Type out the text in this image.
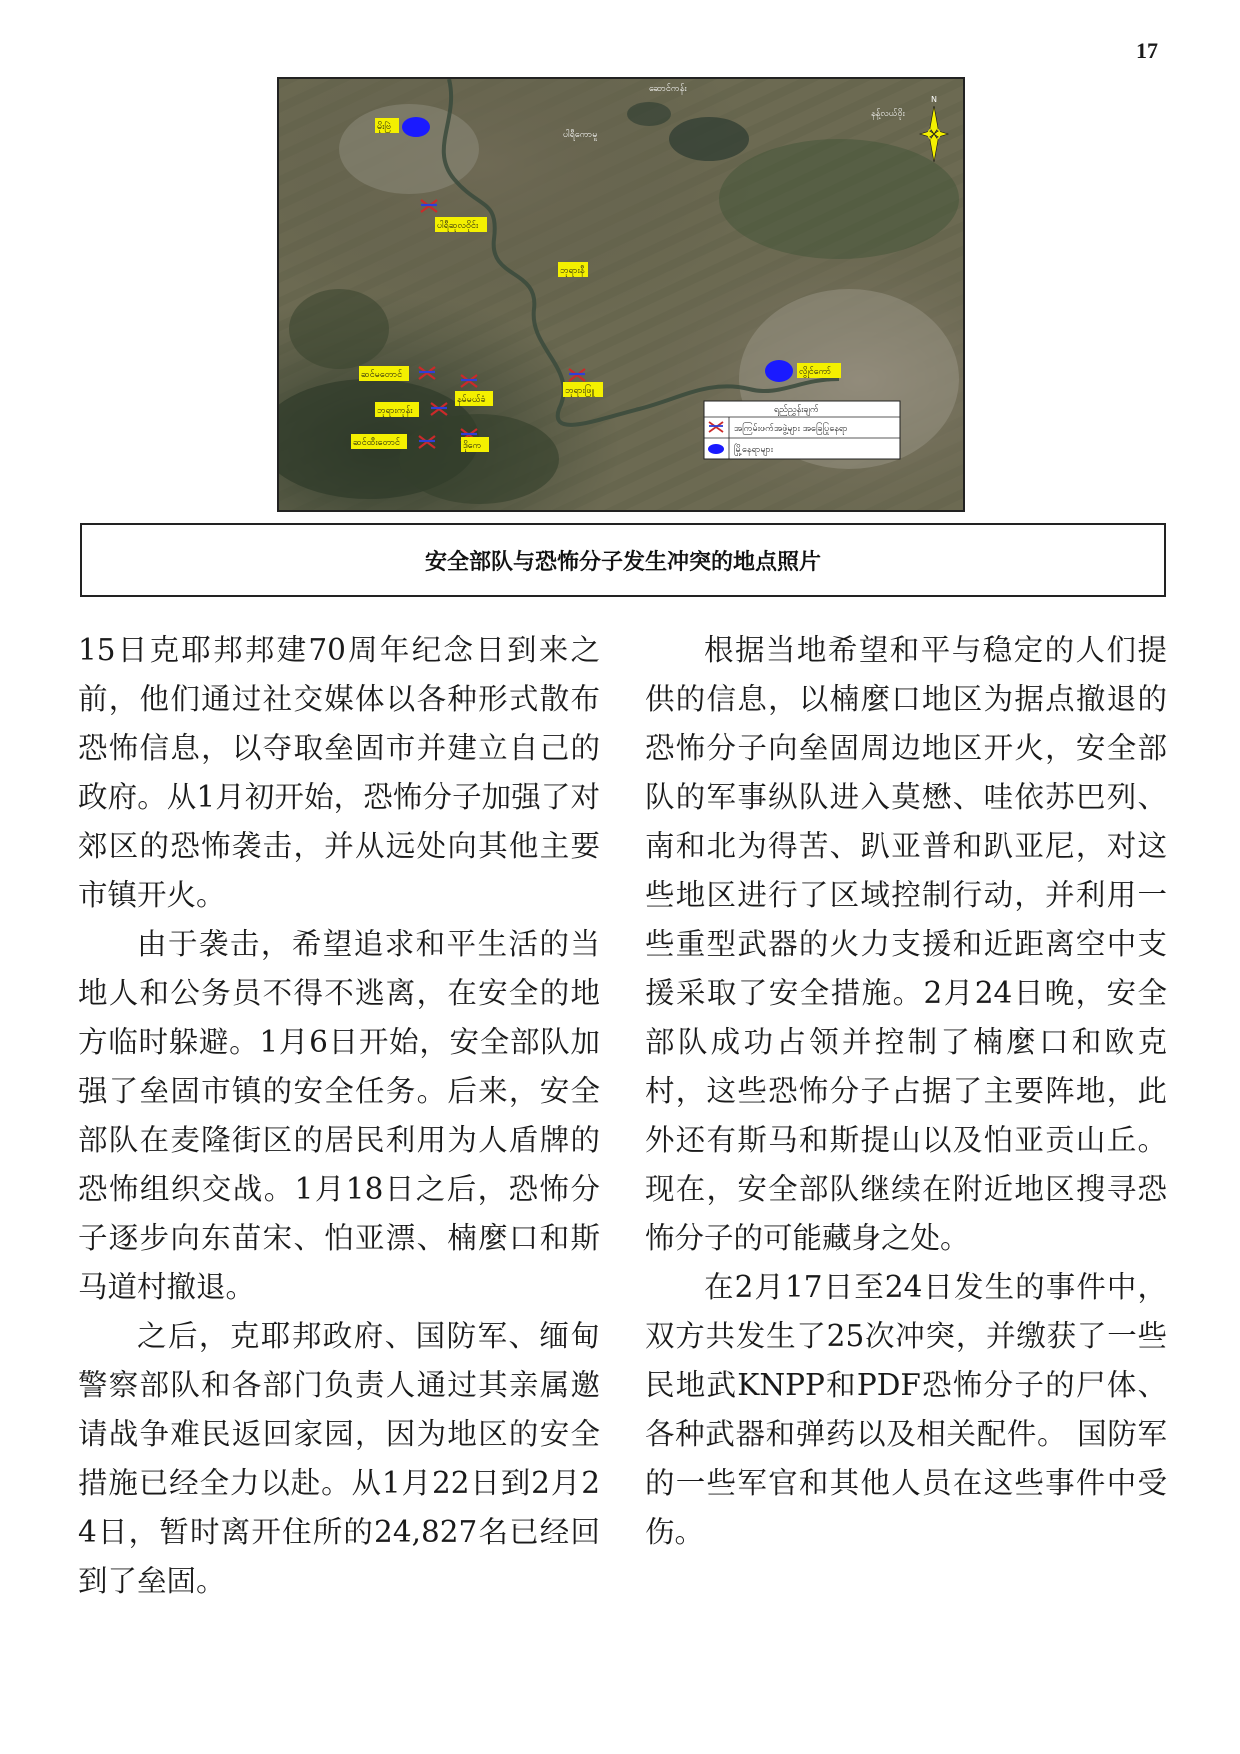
17
မိုးဗြဲ
ပါရီဆုလဝိုင်း
ဘုရားနီ
လွိုင်ကော်
ဆင်မတောင်
ဘုရားကုန်း
ဆင်ထီးတောင်
နမ်မယ်ခံ
ဒိုကေ
ဘုရားဖြူ
ဆောင်ကန်း
ပါရီကောမူ
နန့်လယ်ဝိုး
N
ရည်ညွှန်းချက်
အကြမ်းဖက်အဖွဲ့များ အခြေပြုနေရာ
မြို့နေရာများ
安全部队与恐怖分子发生冲突的地点照片

15日克耶邦邦建70周年纪念日到来之前，他们通过社交媒体以各种形式散布恐怖信息，以夺取垒固市并建立自己的政府。从1月初开始，恐怖分子加强了对郊区的恐怖袭击，并从远处向其他主要市镇开火。

由于袭击，希望追求和平生活的当地人和公务员不得不逃离，在安全的地方临时躲避。1月6日开始，安全部队加强了垒固市镇的安全任务。后来，安全部队在麦隆街区的居民利用为人盾牌的恐怖组织交战。1月18日之后，恐怖分子逐步向东苗宋、怕亚漂、楠麼口和斯马道村撤退。

之后，克耶邦政府、国防军、缅甸警察部队和各部门负责人通过其亲属邀请战争难民返回家园，因为地区的安全措施已经全力以赴。从1月22日到2月24日，暂时离开住所的24,827名已经回到了垒固。

根据当地希望和平与稳定的人们提供的信息，以楠麼口地区为据点撤退的恐怖分子向垒固周边地区开火，安全部队的军事纵队进入莫懋、哇依苏巴列、南和北为得苦、趴亚普和趴亚尼，对这些地区进行了区域控制行动，并利用一些重型武器的火力支援和近距离空中支援采取了安全措施。2月24日晚，安全部队成功占领并控制了楠麼口和欧克村，这些恐怖分子占据了主要阵地，此外还有斯马和斯提山以及怕亚贡山丘。现在，安全部队继续在附近地区搜寻恐怖分子的可能藏身之处。

在2月17日至24日发生的事件中，双方共发生了25次冲突，并缴获了一些民地武KNPP和PDF恐怖分子的尸体、各种武器和弹药以及相关配件。 国防军的一些军官和其他人员在这些事件中受伤。
